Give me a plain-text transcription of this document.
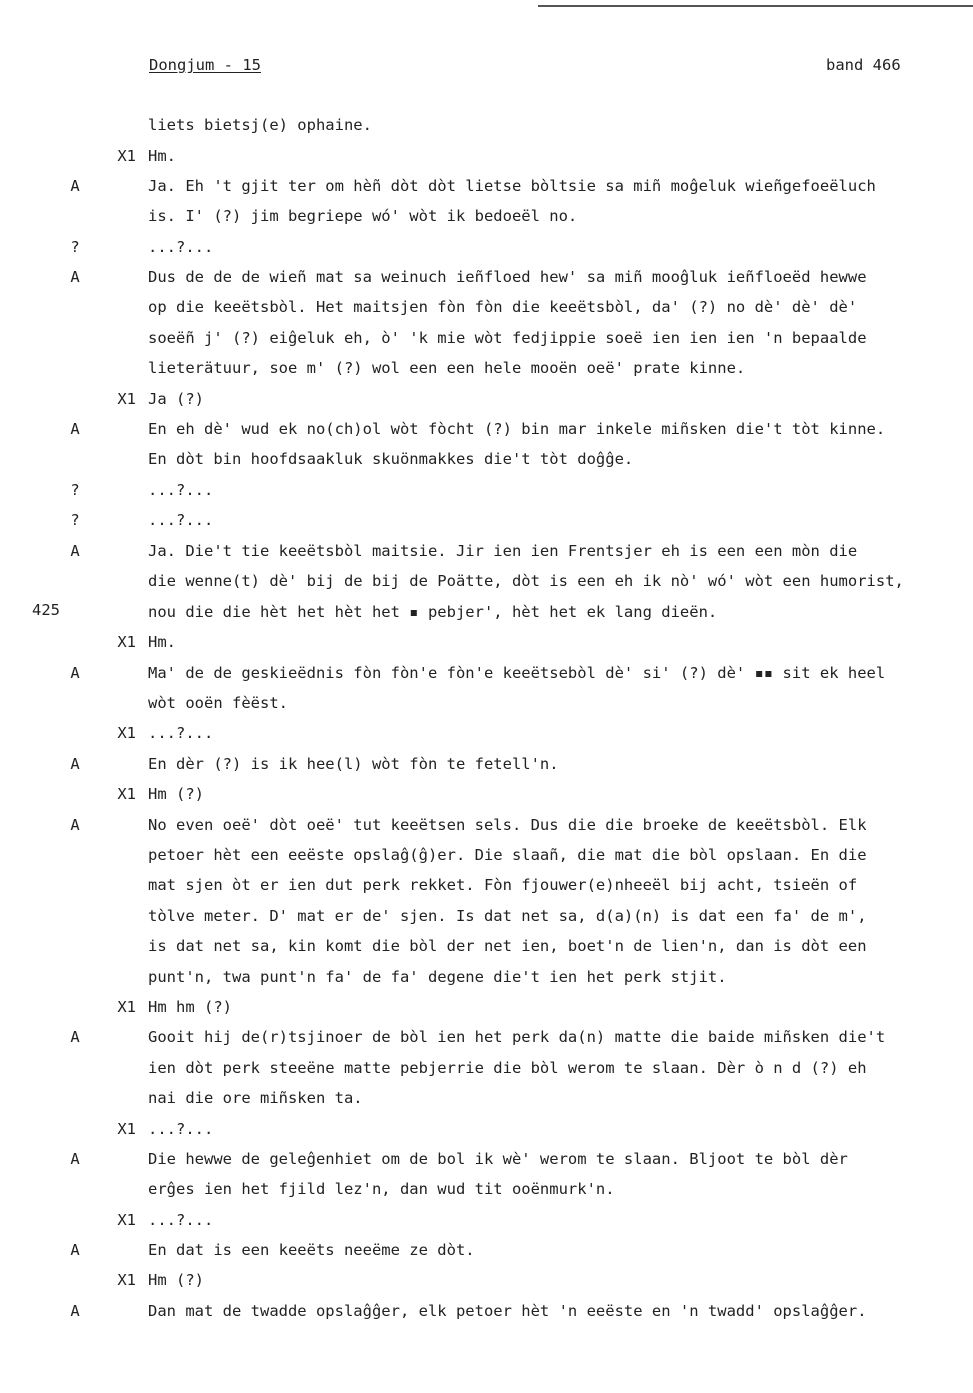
Dongjum - 15	band 466
425
liets bietsj(e) ophaine.
X1 Hm.
A	Ja. Eh 't gjit ter om hèñ dòt dòt lietse bòltsie sa miñ moĝeluk wieñgefoeëluch
is. I' (?) jim begriepe wó' wòt ik bedoeël no.
?	...?...
A	Dus de de de wieñ mat sa weinuch ieñfloed hew' sa miñ mooĝluk ieñfloeëd hewwe
op die keeëtsbòl. Het maitsjen fòn fòn die keeëtsbòl, da' (?) no dè' dè' dè'
soeëñ j' (?) eiĝeluk eh, ò' 'k mie wòt fedjippie soeë ien ien ien 'n bepaalde
lieterätuur, soe m' (?) wol een een hele mooën oeë' prate kinne.
X1 Ja (?)
A	En eh dè' wud ek no(ch)ol wòt fòcht (?) bin mar inkele miñsken die't tòt kinne.
En dòt bin hoofdsaakluk skuönmakkes die't tòt doĝĝe.
?	...?...
?	...?...
A	Ja. Die't tie keeëtsbòl maitsie. Jir ien ien Frentsjer eh is een een mòn die
die wenne(t) dè' bij de bij de Poätte, dòt is een eh ik nò' wó' wòt een humorist,
nou die die hèt het hèt het ▪ pebjer', hèt het ek lang dieën.
X1 Hm.
A	Ma' de de geskieëdnis fòn fòn'e fòn'e keeëtsebòl dè' si' (?) dè' ▪▪ sit ek heel
wòt ooën fèëst.
X1 ...?...
A	En dèr (?) is ik hee(l) wòt fòn te fetell'n.
X1 Hm (?)
A	No even oeë' dòt oeë' tut keeëtsen sels. Dus die die broeke de keeëtsbòl. Elk
petoer hèt een eeëste opslaĝ(ĝ)er. Die slaañ, die mat die bòl opslaan. En die
mat sjen òt er ien dut perk rekket. Fòn fjouwer(e)nheeël bij acht, tsieën of
tòlve meter. D' mat er de' sjen. Is dat net sa, d(a)(n) is dat een fa' de m',
is dat net sa, kin komt die bòl der net ien, boet'n de lien'n, dan is dòt een
punt'n, twa punt'n fa' de fa' degene die't ien het perk stjit.
X1 Hm hm (?)
A	Gooit hij de(r)tsjinoer de bòl ien het perk da(n) matte die baide miñsken die't
ien dòt perk steeëne matte pebjerrie die bòl werom te slaan. Dèr ò n d (?) eh
nai die ore miñsken ta.
X1 ...?...
A	Die hewwe de geleĝenhiet om de bol ik wè' werom te slaan. Bljoot te bòl dèr
erĝes ien het fjild lez'n, dan wud tit ooënmurk'n.
X1 ...?...
A	En dat is een keeëts neeëme ze dòt.
X1 Hm (?)
A	Dan mat de twadde opslaĝĝer, elk petoer hèt 'n eeëste en 'n twadd' opslaĝĝer.
